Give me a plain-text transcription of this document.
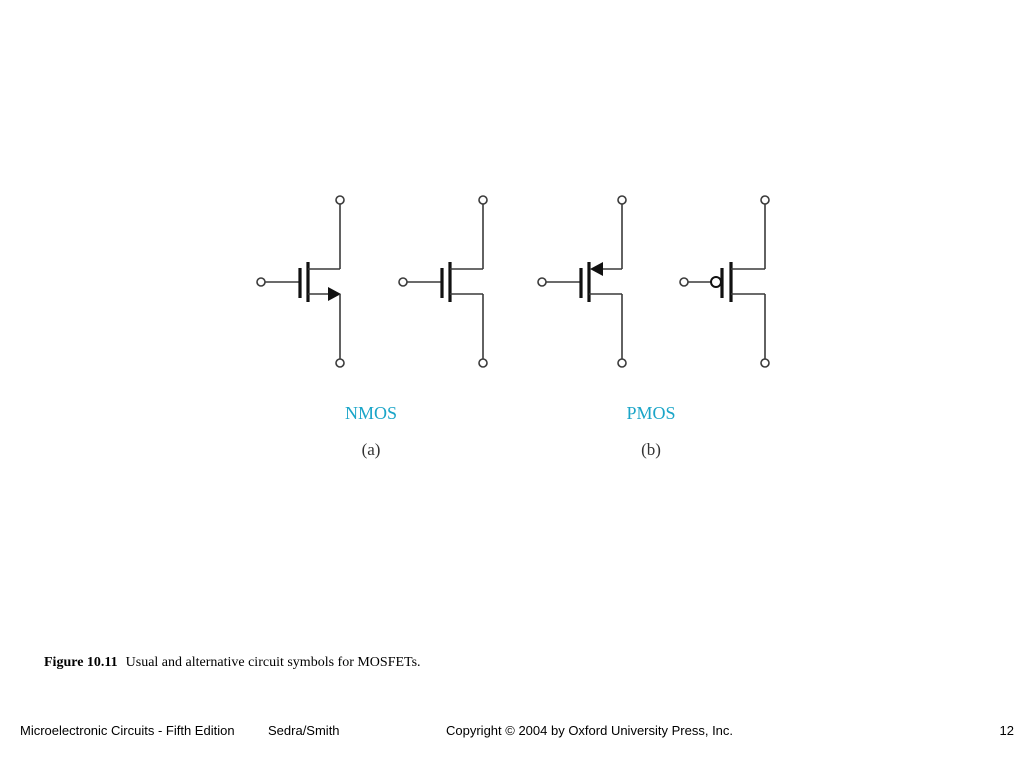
NMOS
(a)
PMOS
(b)
Figure 10.11 Usual and alternative circuit symbols for MOSFETs.
Microelectronic Circuits - Fifth Edition	Sedra/Smith	Copyright © 2004 by Oxford University Press, Inc.	12
